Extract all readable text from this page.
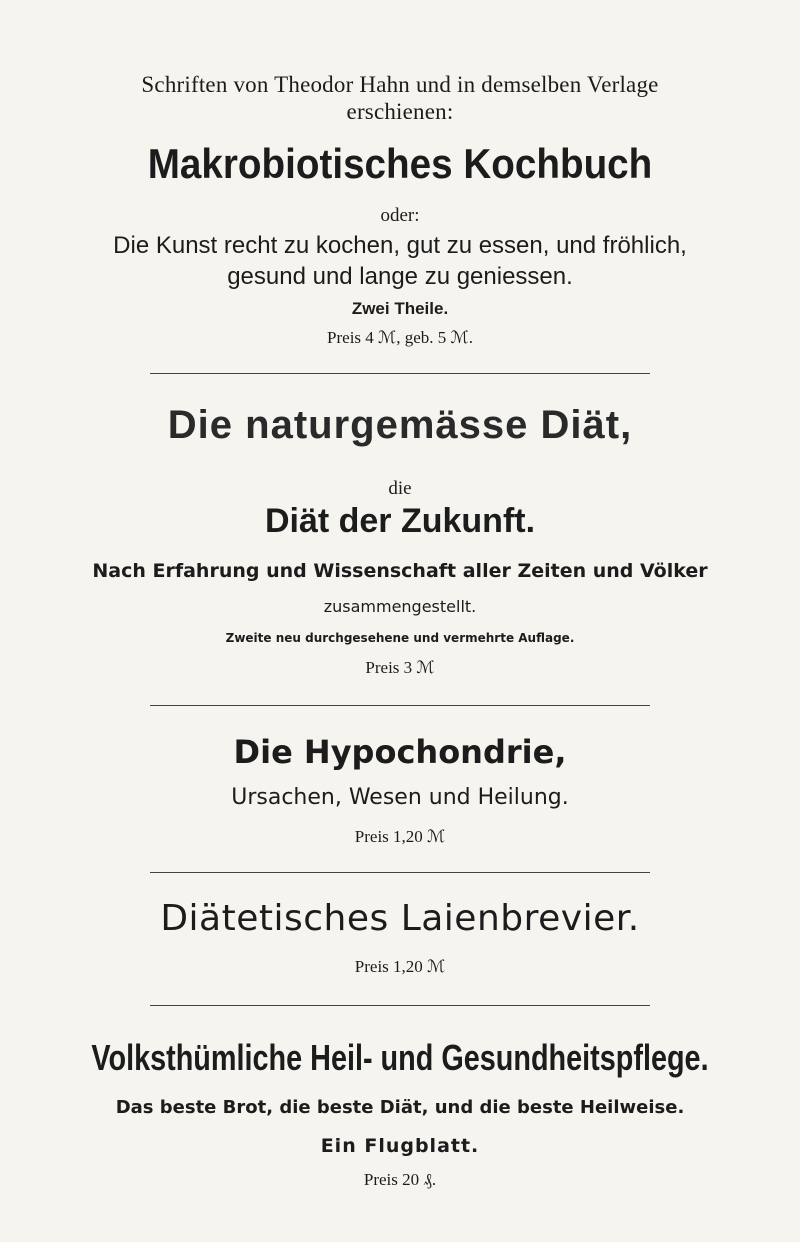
Schriften von Theodor Hahn und in demselben Verlage
erschienen:
Makrobiotisches Kochbuch
oder:
Die Kunst recht zu kochen, gut zu essen, und fröhlich,
gesund und lange zu geniessen.
Zwei Theile.
Preis 4 ℳ, geb. 5 ℳ.
Die naturgemässe Diät,
die
Diät der Zukunft.
Nach Erfahrung und Wissenschaft aller Zeiten und Völker
zusammengestellt.
Zweite neu durchgesehene und vermehrte Auflage.
Preis 3 ℳ
Die Hypochondrie,
Ursachen, Wesen und Heilung.
Preis 1,20 ℳ
Diätetisches Laienbrevier.
Preis 1,20 ℳ
Volksthümliche Heil- und Gesundheitspflege.
Das beste Brot, die beste Diät, und die beste Heilweise.
Ein Flugblatt.
Preis 20 ₰.
